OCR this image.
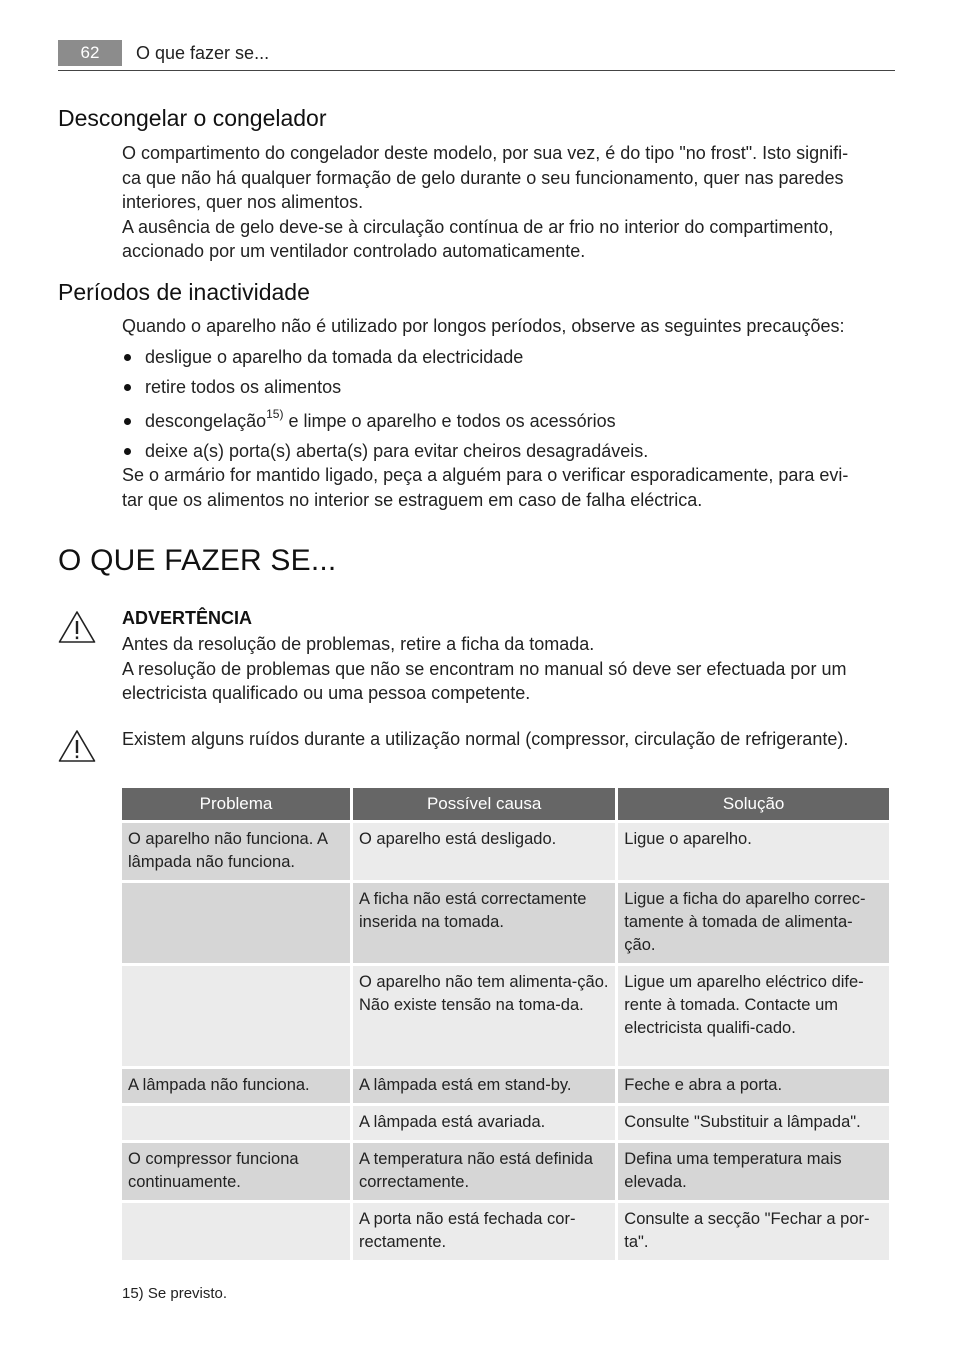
62	O que fazer se...
Descongelar o congelador
O compartimento do congelador deste modelo, por sua vez, é do tipo "no frost". Isto signifi-
ca que não há qualquer formação de gelo durante o seu funcionamento, quer nas paredes
interiores, quer nos alimentos.
A ausência de gelo deve-se à circulação contínua de ar frio no interior do compartimento,
accionado por um ventilador controlado automaticamente.
Períodos de inactividade
Quando o aparelho não é utilizado por longos períodos, observe as seguintes precauções:
desligue o aparelho da tomada da electricidade
retire todos os alimentos
descongelação$^{15)}$ e limpe o aparelho e todos os acessórios
deixe a(s) porta(s) aberta(s) para evitar cheiros desagradáveis.
Se o armário for mantido ligado, peça a alguém para o verificar esporadicamente, para evi-
tar que os alimentos no interior se estraguem em caso de falha eléctrica.
O QUE FAZER SE...
ADVERTÊNCIA
Antes da resolução de problemas, retire a ficha da tomada.
A resolução de problemas que não se encontram no manual só deve ser efectuada por um
electricista qualificado ou uma pessoa competente.
Existem alguns ruídos durante a utilização normal (compressor, circulação de refrigerante).
Problema	Possível causa	Solução
O aparelho não funciona. A lâmpada não funciona.	O aparelho está desligado.	Ligue o aparelho.
	A ficha não está correctamente inserida na tomada.	Ligue a ficha do aparelho correc-tamente à tomada de alimenta-ção.
	O aparelho não tem alimenta-ção. Não existe tensão na toma-da.	Ligue um aparelho eléctrico dife-rente à tomada. Contacte um electricista qualifi-cado.
A lâmpada não funciona.	A lâmpada está em stand-by.	Feche e abra a porta.
	A lâmpada está avariada.	Consulte "Substituir a lâmpada".
O compressor funciona continuamente.	A temperatura não está definida correctamente.	Defina uma temperatura mais elevada.
	A porta não está fechada cor-rectamente.	Consulte a secção "Fechar a por-ta".
15) Se previsto.
